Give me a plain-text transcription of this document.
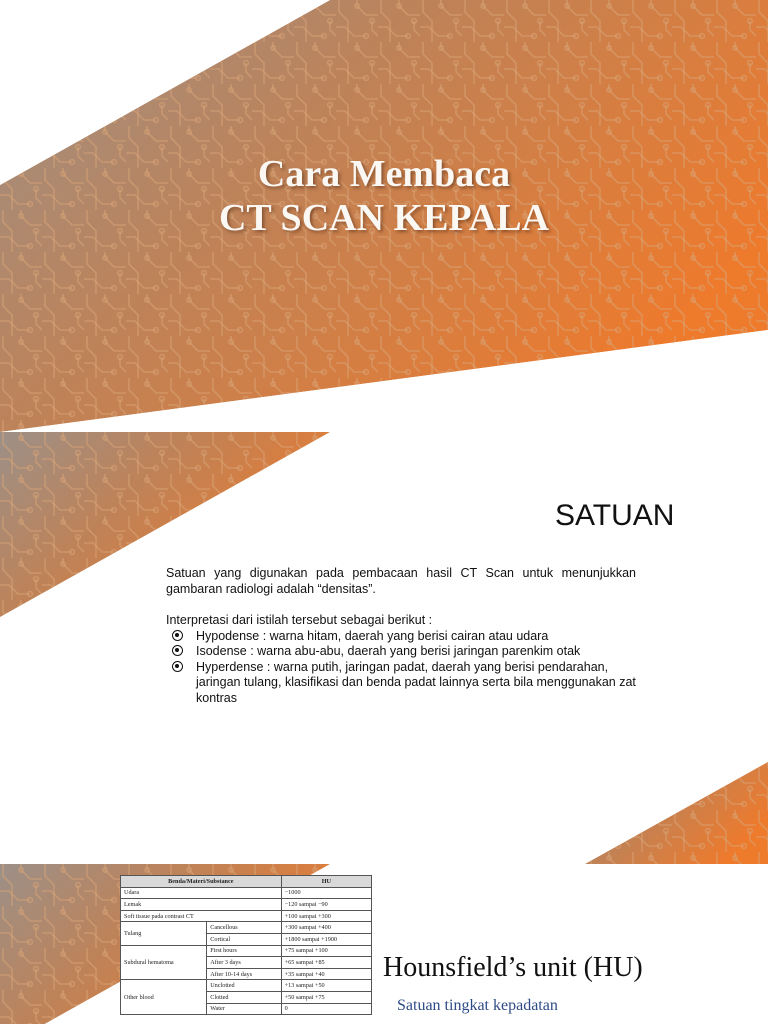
Cara Membaca
CT SCAN KEPALA
SATUAN

Satuan yang digunakan pada pembacaan hasil CT Scan untuk menunjukkan gambaran radiologi adalah “densitas”.

Interpretasi dari istilah tersebut sebagai berikut :

Hypodense : warna hitam, daerah yang berisi cairan atau udara
Isodense : warna abu-abu, daerah yang berisi jaringan parenkim otak
Hyperdense : warna putih, jaringan padat, daerah yang berisi pendarahan, jaringan tulang, klasifikasi dan benda padat lainnya serta bila menggunakan zat kontras
Benda/Materi/Substance		HU
Udara		−1000
Lemak		−120 sampai −90
Soft tissue pada contrast CT		+100 sampai +300
Tulang	Cancellous	+300 sampai +400
	Cortical	+1800 sampai +1900
Subdural hematoma	First hours	+75 sampai +100
	After 3 days	+65 sampai +85
	After 10-14 days	+35 sampai +40
Other blood	Unclotted	+13 sampai +50
	Clotted	+50 sampai +75
	Water	0
Hounsfield’s unit (HU)
Satuan tingkat kepadatan
